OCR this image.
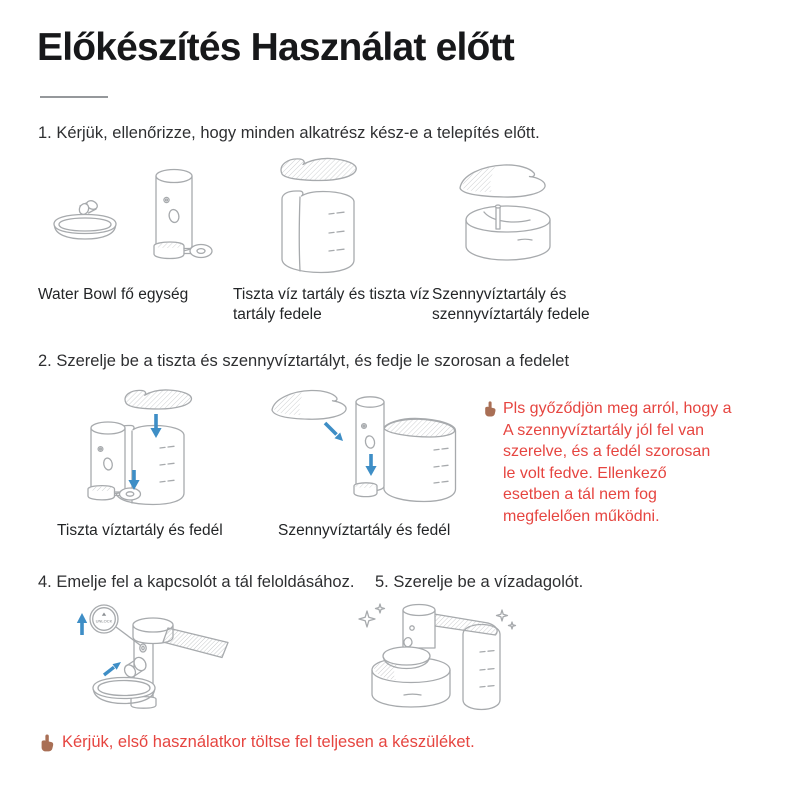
Előkészítés Használat előtt
1. Kérjük, ellenőrizze, hogy minden alkatrész kész-e a telepítés előtt.
Water Bowl fő egység	Tiszta víz tartály és tiszta víz tartály fedele
Szennyvíztartály és szennyvíztartály fedele
2. Szerelje be a tiszta és szennyvíztartályt, és fedje le szorosan a fedelet
Tiszta víztartály és fedél	Szennyvíztartály és fedél
Pls győződjön meg arról, hogy a
A szennyvíztartály jól fel van
szerelve, és a fedél szorosan
le volt fedve. Ellenkező
esetben a tál nem fog
megfelelően működni.
4. Emelje fel a kapcsolót a tál feloldásához. 5. Szerelje be a vízadagolót.
UNLOCK
Kérjük, első használatkor töltse fel teljesen a készüléket.
